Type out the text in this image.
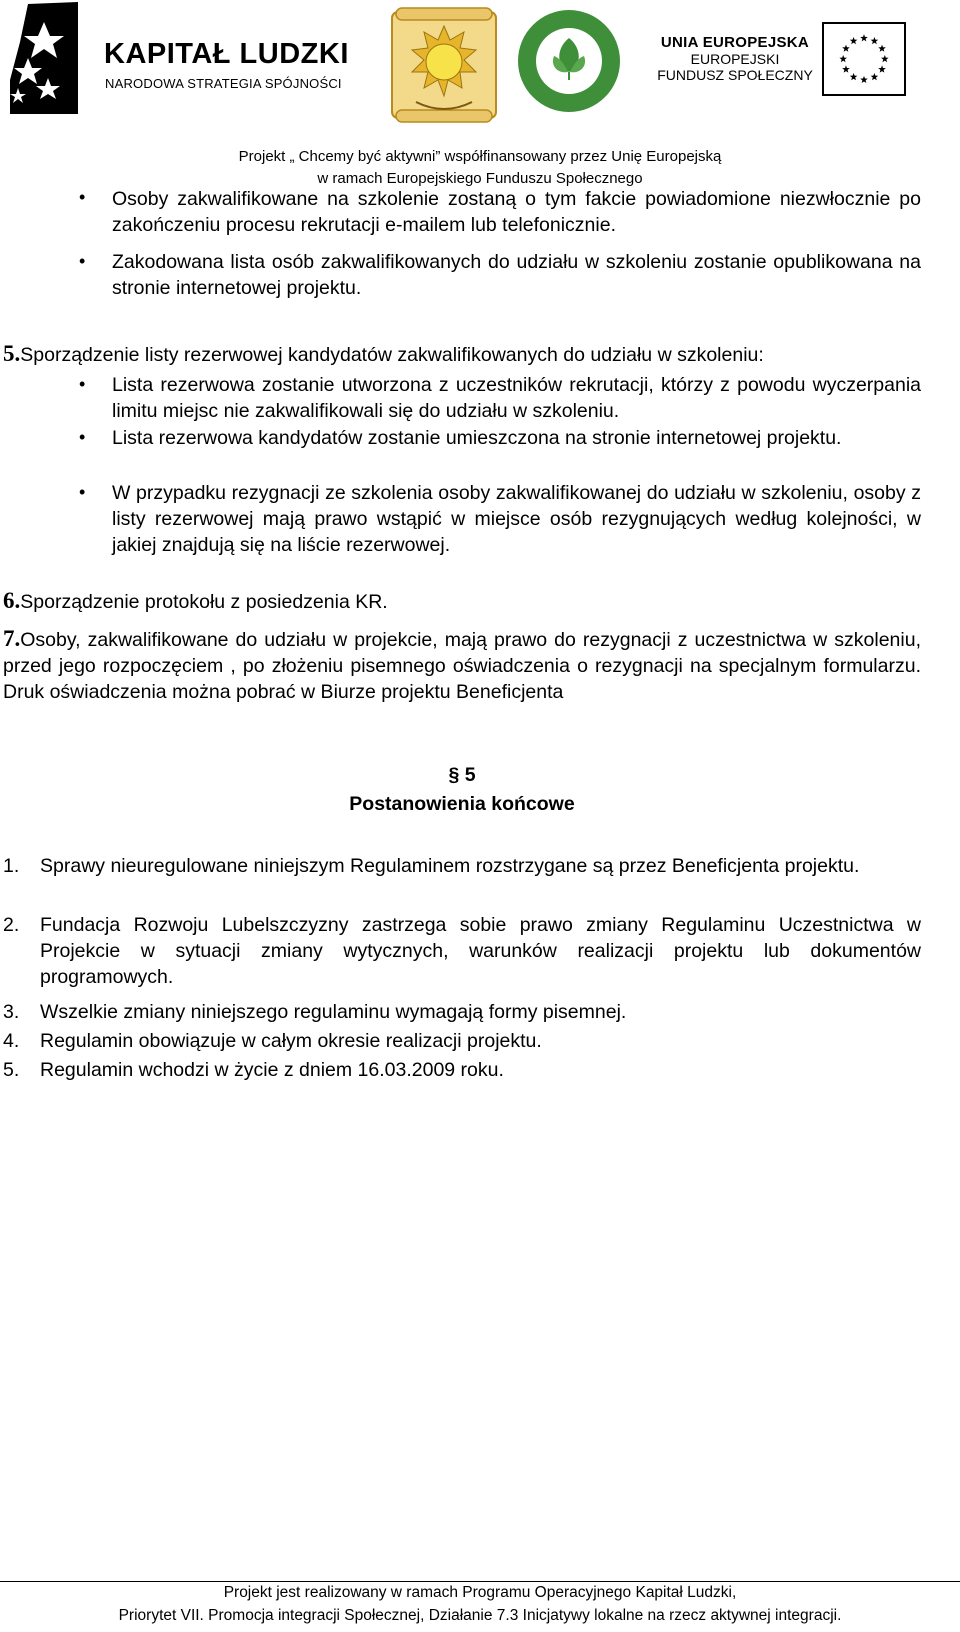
KAPITAŁ LUDZKI
NARODOWA STRATEGIA SPÓJNOŚCI
UNIA EUROPEJSKA
EUROPEJSKI
FUNDUSZ SPOŁECZNY
Projekt „ Chcemy być aktywni” współfinansowany przez Unię Europejską
w ramach Europejskiego Funduszu Społecznego
• Osoby zakwalifikowane na szkolenie zostaną o tym fakcie powiadomione niezwłocznie po zakończeniu procesu rekrutacji e-mailem lub telefonicznie.
• Zakodowana lista osób zakwalifikowanych do udziału w szkoleniu zostanie opublikowana na stronie internetowej projektu.
5.Sporządzenie listy rezerwowej kandydatów zakwalifikowanych do udziału w szkoleniu:
• Lista rezerwowa zostanie utworzona z uczestników rekrutacji, którzy z powodu wyczerpania limitu miejsc nie zakwalifikowali się do udziału w szkoleniu.
• Lista rezerwowa kandydatów zostanie umieszczona na stronie internetowej projektu.
• W przypadku rezygnacji ze szkolenia osoby zakwalifikowanej do udziału w szkoleniu, osoby z listy rezerwowej mają prawo wstąpić w miejsce osób rezygnujących według kolejności, w jakiej znajdują się na liście rezerwowej.
6.Sporządzenie protokołu z posiedzenia KR.
7.Osoby, zakwalifikowane do udziału w projekcie, mają prawo do rezygnacji z uczestnictwa w szkoleniu, przed jego rozpoczęciem , po złożeniu pisemnego oświadczenia o rezygnacji na specjalnym formularzu. Druk oświadczenia można pobrać w Biurze projektu Beneficjenta
§ 5
Postanowienia końcowe
1. Sprawy nieuregulowane niniejszym Regulaminem rozstrzygane są przez Beneficjenta projektu.
2. Fundacja Rozwoju Lubelszczyzny zastrzega sobie prawo zmiany Regulaminu Uczestnictwa w Projekcie w sytuacji zmiany wytycznych, warunków realizacji projektu lub dokumentów programowych.
3. Wszelkie zmiany niniejszego regulaminu wymagają formy pisemnej.
4. Regulamin obowiązuje w całym okresie realizacji projektu.
5. Regulamin wchodzi w życie z dniem 16.03.2009 roku.
Projekt jest realizowany w ramach Programu Operacyjnego Kapitał Ludzki,
Priorytet VII. Promocja integracji Społecznej, Działanie 7.3 Inicjatywy lokalne na rzecz aktywnej integracji.
